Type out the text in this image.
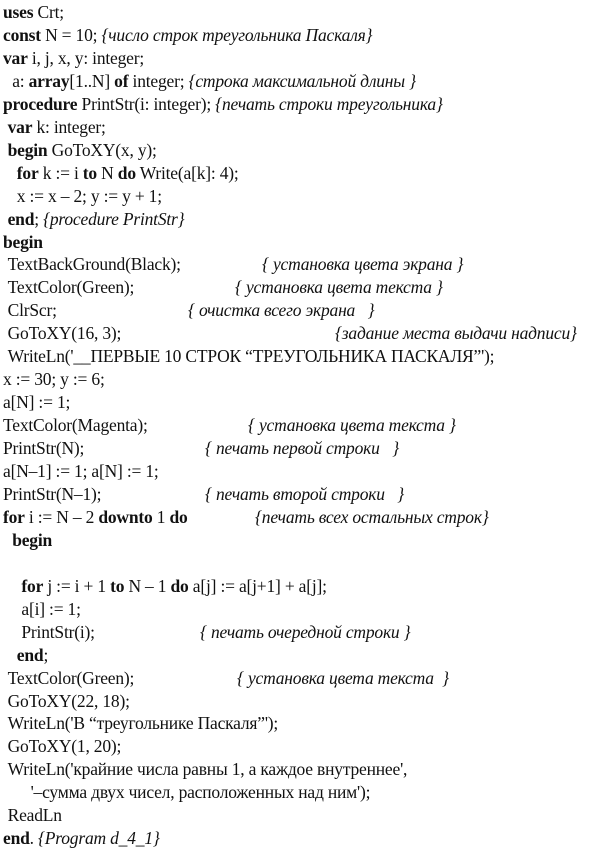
uses Crt;
const N = 10; {число строк треугольника Паскаля}
var i, j, x, y: integer;
a: array[1..N] of integer; {строка максимальной длины }
procedure PrintStr(i: integer); {печать строки треугольника}
var k: integer;
begin GoToXY(x, y);
for k := i to N do Write(a[k]: 4);
x := x – 2; y := y + 1;
end; {procedure PrintStr}
begin
TextBackGround(Black);	{ установка цвета экрана }
TextColor(Green);	{ установка цвета текста }
ClrScr;	{ очистка всего экрана   }
GoToXY(16, 3);	{задание места выдачи надписи}
WriteLn('__ПЕРВЫЕ 10 СТРОК “ТРЕУГОЛЬНИКА ПАСКАЛЯ”');
x := 30; y := 6;
a[N] := 1;
TextColor(Magenta);	{ установка цвета текста }
PrintStr(N);	{ печать первой строки   }
a[N–1] := 1; a[N] := 1;
PrintStr(N–1);	{ печать второй строки   }
for i := N – 2 downto 1 do	{печать всех остальных строк}
begin
for j := i + 1 to N – 1 do a[j] := a[j+1] + a[j];
a[i] := 1;
PrintStr(i);	{ печать очередной строки }
end;
TextColor(Green);	{ установка цвета текста  }
GoToXY(22, 18);
WriteLn('В “треугольнике Паскаля”');
GoToXY(1, 20);
WriteLn('крайние числа равны 1, а каждое внутреннее',
'–сумма двух чисел, расположенных над ним');
ReadLn
end. {Program d_4_1}
